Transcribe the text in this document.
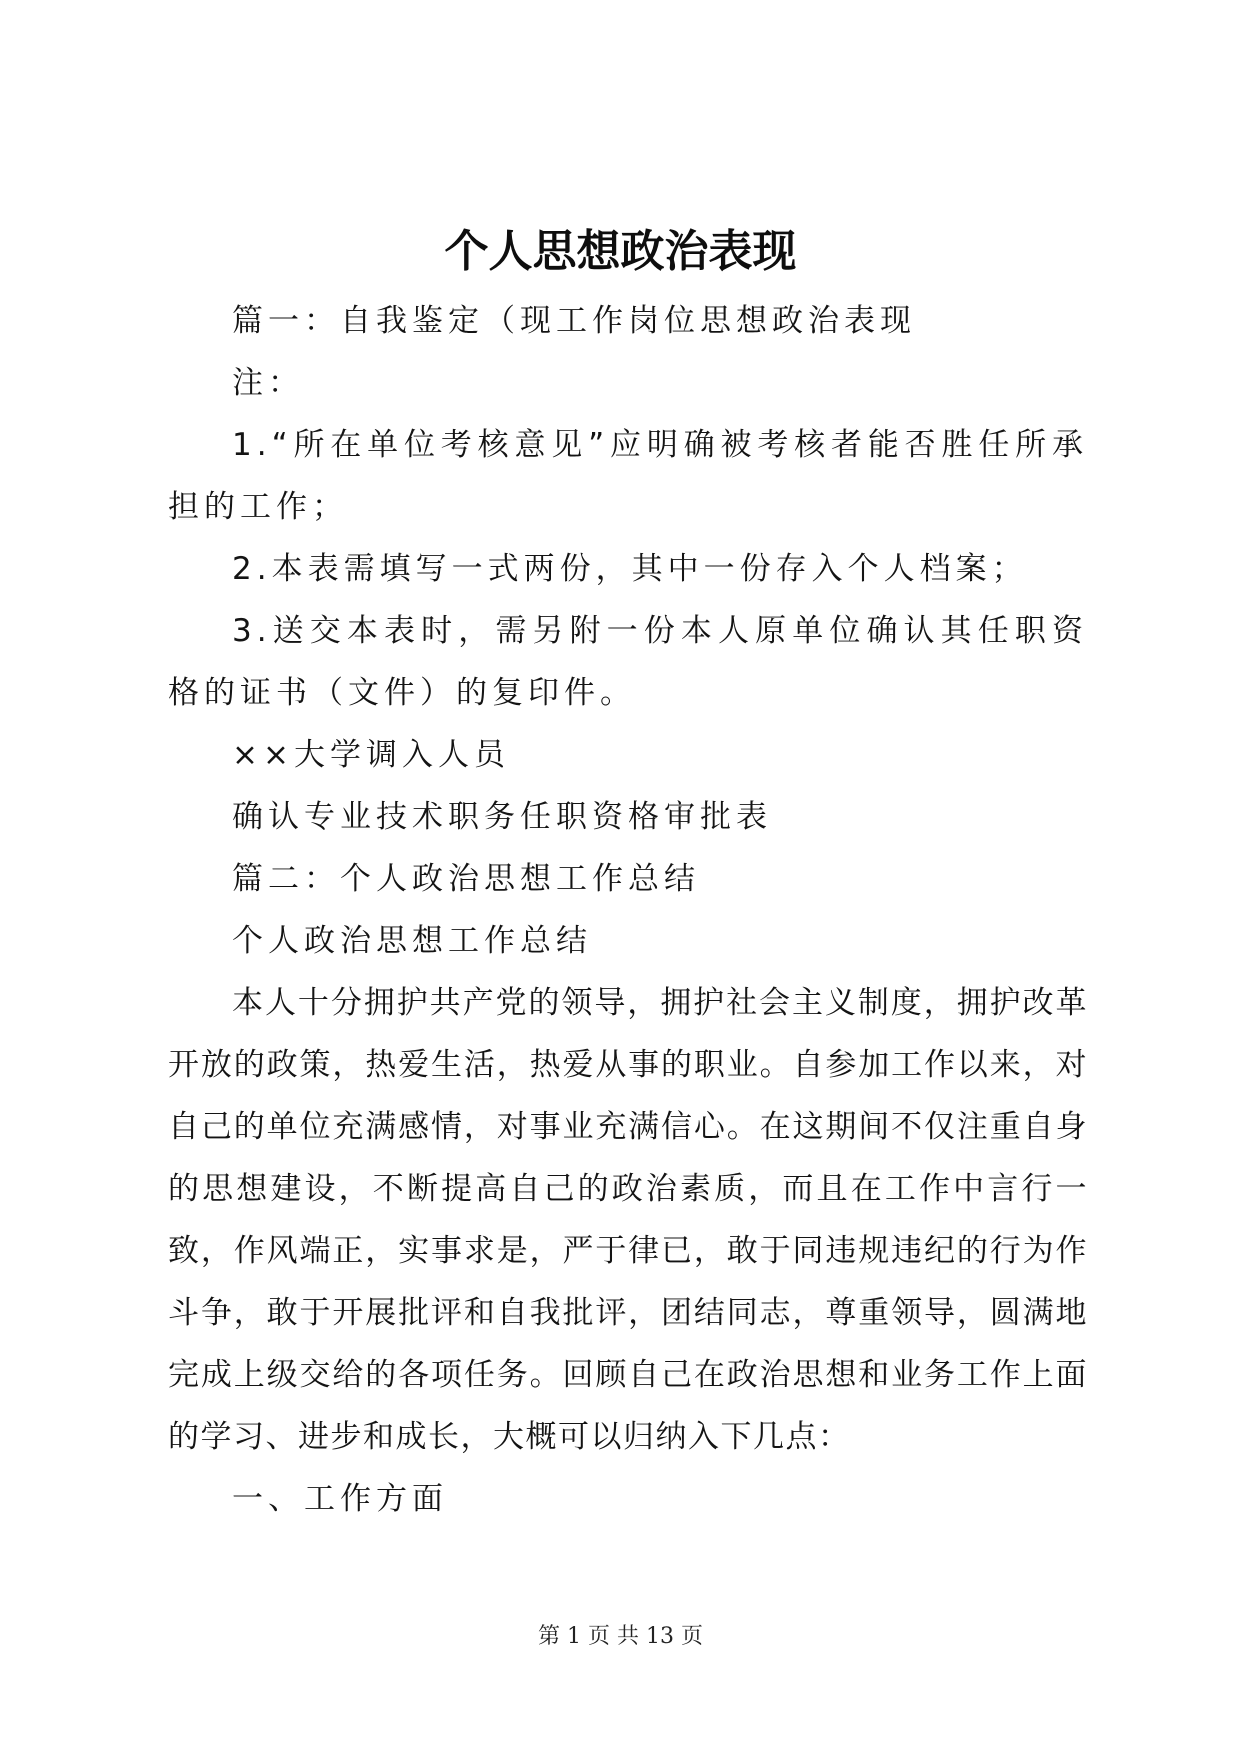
个人思想政治表现

篇一：自我鉴定（现工作岗位思想政治表现

注：

1.“所在单位考核意见”应明确被考核者能否胜任所承担的工作；

2.本表需填写一式两份，其中一份存入个人档案；

3.送交本表时，需另附一份本人原单位确认其任职资格的证书（文件）的复印件。

××大学调入人员

确认专业技术职务任职资格审批表

篇二：个人政治思想工作总结

个人政治思想工作总结

本人十分拥护共产党的领导，拥护社会主义制度，拥护改革开放的政策，热爱生活，热爱从事的职业。自参加工作以来，对自己的单位充满感情，对事业充满信心。在这期间不仅注重自身的思想建设，不断提高自己的政治素质，而且在工作中言行一致，作风端正，实事求是，严于律已，敢于同违规违纪的行为作斗争，敢于开展批评和自我批评，团结同志，尊重领导，圆满地完成上级交给的各项任务。回顾自己在政治思想和业务工作上面的学习、进步和成长，大概可以归纳入下几点：

一、工作方面

第 1 页 共 13 页
